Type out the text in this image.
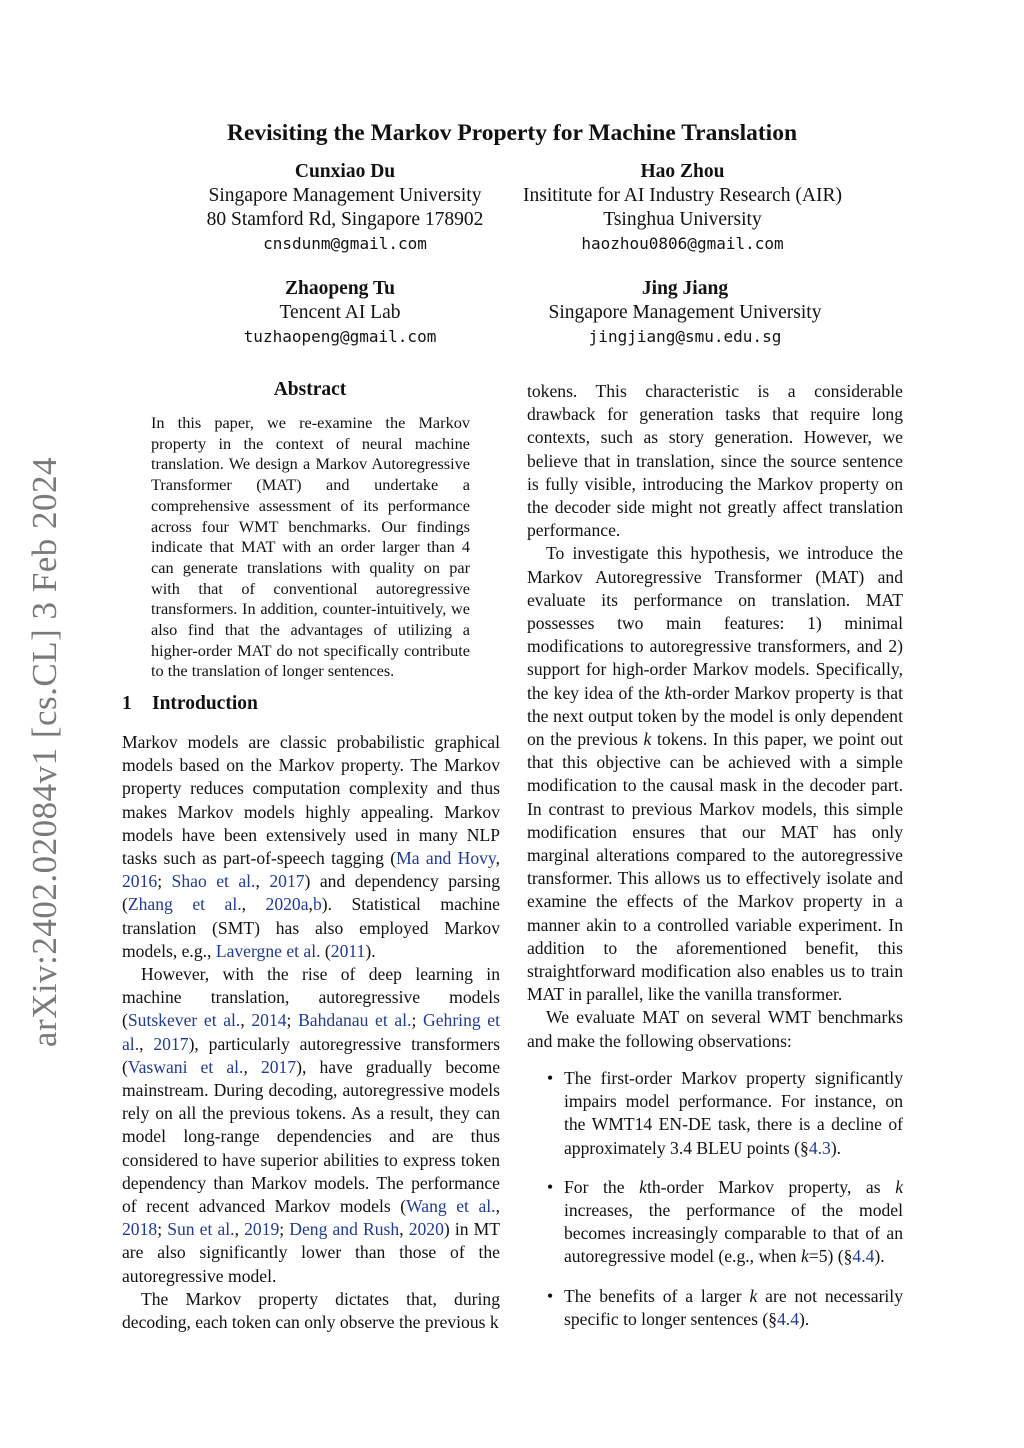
arXiv:2402.02084v1 [cs.CL] 3 Feb 2024
Revisiting the Markov Property for Machine Translation
Cunxiao Du
Singapore Management University
80 Stamford Rd, Singapore 178902
cnsdunm@gmail.com
Hao Zhou
Insititute for AI Industry Research (AIR)
Tsinghua University
haozhou0806@gmail.com
Zhaopeng Tu
Tencent AI Lab
tuzhaopeng@gmail.com
Jing Jiang
Singapore Management University
jingjiang@smu.edu.sg
Abstract
In this paper, we re-examine the Markov property in the context of neural machine translation. We design a Markov Autoregressive Transformer (MAT) and undertake a comprehensive assessment of its performance across four WMT benchmarks. Our findings indicate that MAT with an order larger than 4 can generate translations with quality on par with that of conventional autoregressive transformers. In addition, counter-intuitively, we also find that the advantages of utilizing a higher-order MAT do not specifically contribute to the translation of longer sentences.
1 Introduction

Markov models are classic probabilistic graphical models based on the Markov property. The Markov property reduces computation complexity and thus makes Markov models highly appealing. Markov models have been extensively used in many NLP tasks such as part-of-speech tagging (Ma and Hovy, 2016; Shao et al., 2017) and dependency parsing (Zhang et al., 2020a,b). Statistical machine translation (SMT) has also employed Markov models, e.g., Lavergne et al. (2011).

However, with the rise of deep learning in machine translation, autoregressive models (Sutskever et al., 2014; Bahdanau et al.; Gehring et al., 2017), particularly autoregressive transformers (Vaswani et al., 2017), have gradually become mainstream. During decoding, autoregressive models rely on all the previous tokens. As a result, they can model long-range dependencies and are thus considered to have superior abilities to express token dependency than Markov models. The performance of recent advanced Markov models (Wang et al., 2018; Sun et al., 2019; Deng and Rush, 2020) in MT are also significantly lower than those of the autoregressive model.

The Markov property dictates that, during decoding, each token can only observe the previous k

tokens. This characteristic is a considerable drawback for generation tasks that require long contexts, such as story generation. However, we believe that in translation, since the source sentence is fully visible, introducing the Markov property on the decoder side might not greatly affect translation performance.

To investigate this hypothesis, we introduce the Markov Autoregressive Transformer (MAT) and evaluate its performance on translation. MAT possesses two main features: 1) minimal modifications to autoregressive transformers, and 2) support for high-order Markov models. Specifically, the key idea of the kth-order Markov property is that the next output token by the model is only dependent on the previous k tokens. In this paper, we point out that this objective can be achieved with a simple modification to the causal mask in the decoder part. In contrast to previous Markov models, this simple modification ensures that our MAT has only marginal alterations compared to the autoregressive transformer. This allows us to effectively isolate and examine the effects of the Markov property in a manner akin to a controlled variable experiment. In addition to the aforementioned benefit, this straightforward modification also enables us to train MAT in parallel, like the vanilla transformer.

We evaluate MAT on several WMT benchmarks and make the following observations:

• The first-order Markov property significantly impairs model performance. For instance, on the WMT14 EN-DE task, there is a decline of approximately 3.4 BLEU points (§4.3).
• For the kth-order Markov property, as k increases, the performance of the model becomes increasingly comparable to that of an autoregressive model (e.g., when k=5) (§4.4).
• The benefits of a larger k are not necessarily specific to longer sentences (§4.4).
